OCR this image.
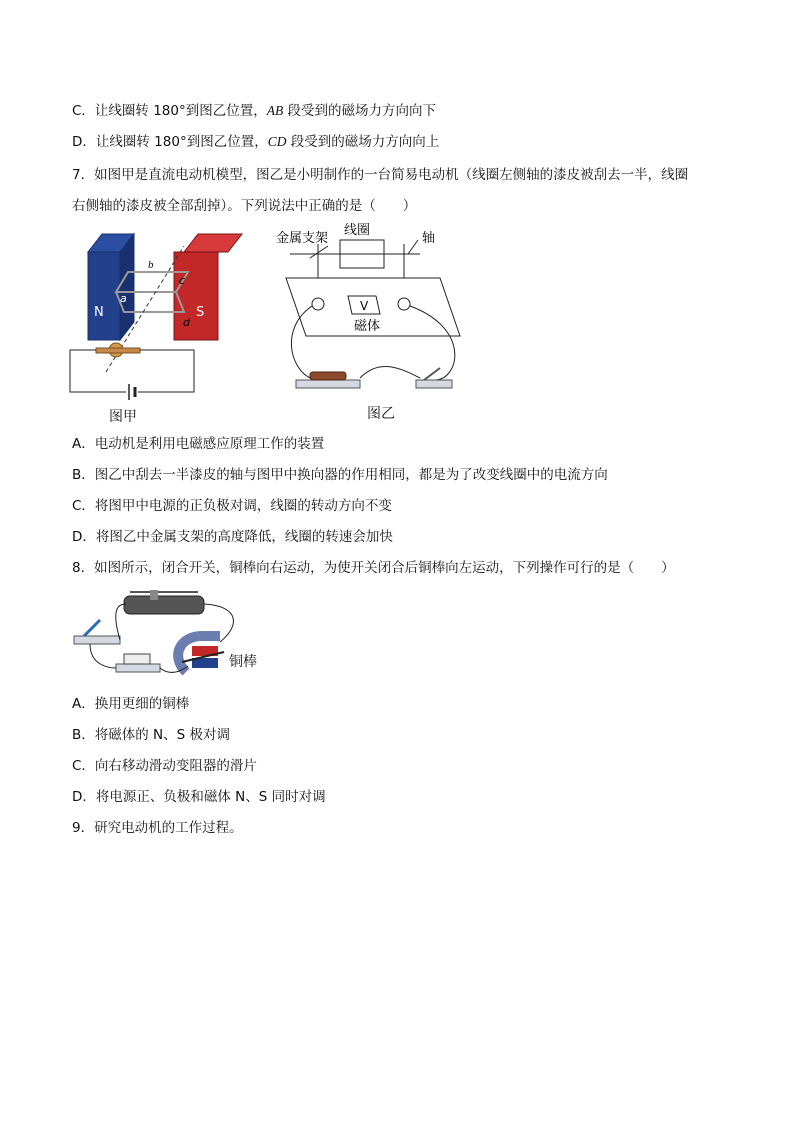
C．让线圈转 180°到图乙位置，AB 段受到的磁场力方向向下
D．让线圈转 180°到图乙位置，CD 段受到的磁场力方向向上
7．如图甲是直流电动机模型，图乙是小明制作的一台简易电动机（线圈左侧轴的漆皮被刮去一半，线圈
右侧轴的漆皮被全部刮掉）。下列说法中正确的是（　　）
N	S
b
a
c
d
图甲
金属支架
线圈
轴
V
磁体
图乙
A．电动机是利用电磁感应原理工作的装置
B．图乙中刮去一半漆皮的轴与图甲中换向器的作用相同，都是为了改变线圈中的电流方向
C．将图甲中电源的正负极对调，线圈的转动方向不变
D．将图乙中金属支架的高度降低，线圈的转速会加快
8．如图所示，闭合开关，铜棒向右运动，为使开关闭合后铜棒向左运动，下列操作可行的是（　　）
铜棒
A．换用更细的铜棒
B．将磁体的 N、S 极对调
C．向右移动滑动变阻器的滑片
D．将电源正、负极和磁体 N、S 同时对调
9．研究电动机的工作过程。
